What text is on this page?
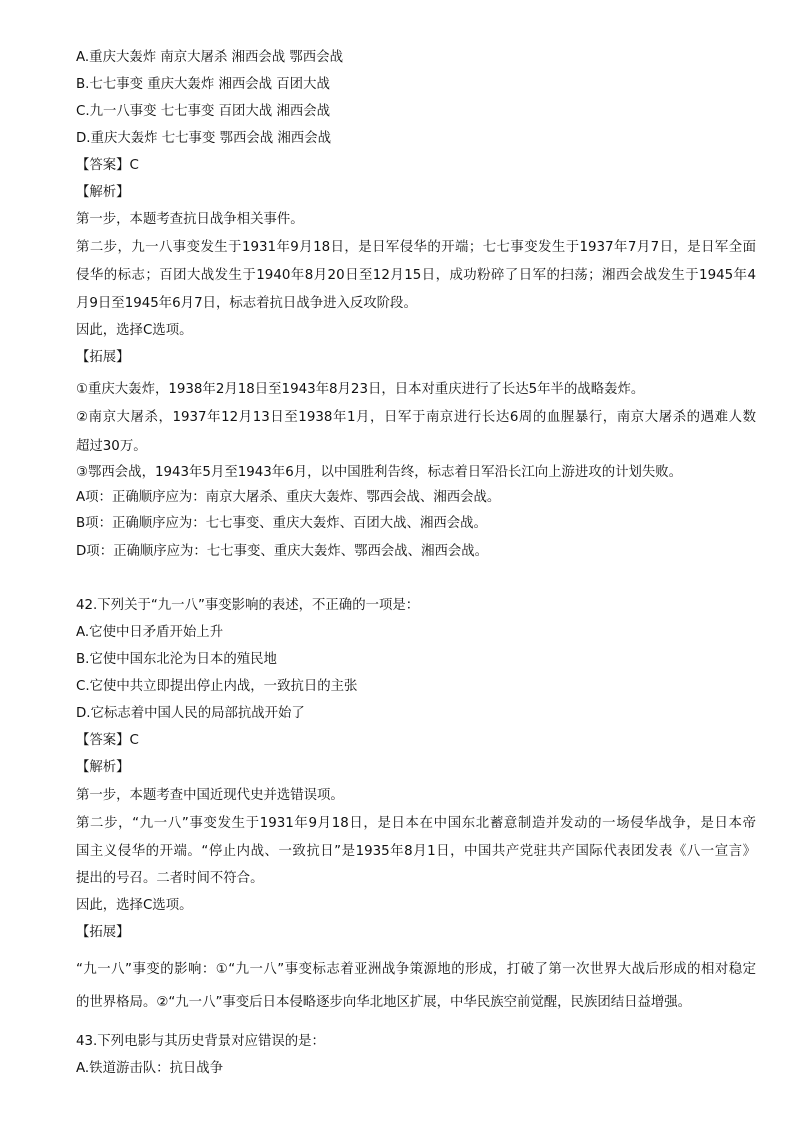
A.重庆大轰炸 南京大屠杀 湘西会战 鄂西会战
B.七七事变 重庆大轰炸 湘西会战 百团大战
C.九一八事变 七七事变 百团大战 湘西会战
D.重庆大轰炸 七七事变 鄂西会战 湘西会战
【答案】C
【解析】
第一步，本题考查抗日战争相关事件。
第二步，九一八事变发生于1931年9月18日，是日军侵华的开端；七七事变发生于1937年7月7日，是日军全面
侵华的标志；百团大战发生于1940年8月20日至12月15日，成功粉碎了日军的扫荡；湘西会战发生于1945年4
月9日至1945年6月7日，标志着抗日战争进入反攻阶段。
因此，选择C选项。
【拓展】
①重庆大轰炸，1938年2月18日至1943年8月23日，日本对重庆进行了长达5年半的战略轰炸。
②南京大屠杀，1937年12月13日至1938年1月，日军于南京进行长达6周的血腥暴行，南京大屠杀的遇难人数
超过30万。
③鄂西会战，1943年5月至1943年6月，以中国胜利告终，标志着日军沿长江向上游进攻的计划失败。
A项：正确顺序应为：南京大屠杀、重庆大轰炸、鄂西会战、湘西会战。
B项：正确顺序应为：七七事变、重庆大轰炸、百团大战、湘西会战。
D项：正确顺序应为：七七事变、重庆大轰炸、鄂西会战、湘西会战。
42.下列关于“九一八”事变影响的表述，不正确的一项是：
A.它使中日矛盾开始上升
B.它使中国东北沦为日本的殖民地
C.它使中共立即提出停止内战，一致抗日的主张
D.它标志着中国人民的局部抗战开始了
【答案】C
【解析】
第一步，本题考查中国近现代史并选错误项。
第二步，“九一八”事变发生于1931年9月18日，是日本在中国东北蓄意制造并发动的一场侵华战争，是日本帝
国主义侵华的开端。“停止内战、一致抗日”是1935年8月1日，中国共产党驻共产国际代表团发表《八一宣言》
提出的号召。二者时间不符合。
因此，选择C选项。
【拓展】
“九一八”事变的影响：①“九一八”事变标志着亚洲战争策源地的形成，打破了第一次世界大战后形成的相对稳定
的世界格局。②“九一八”事变后日本侵略逐步向华北地区扩展，中华民族空前觉醒，民族团结日益增强。
43.下列电影与其历史背景对应错误的是：
A.铁道游击队：抗日战争
